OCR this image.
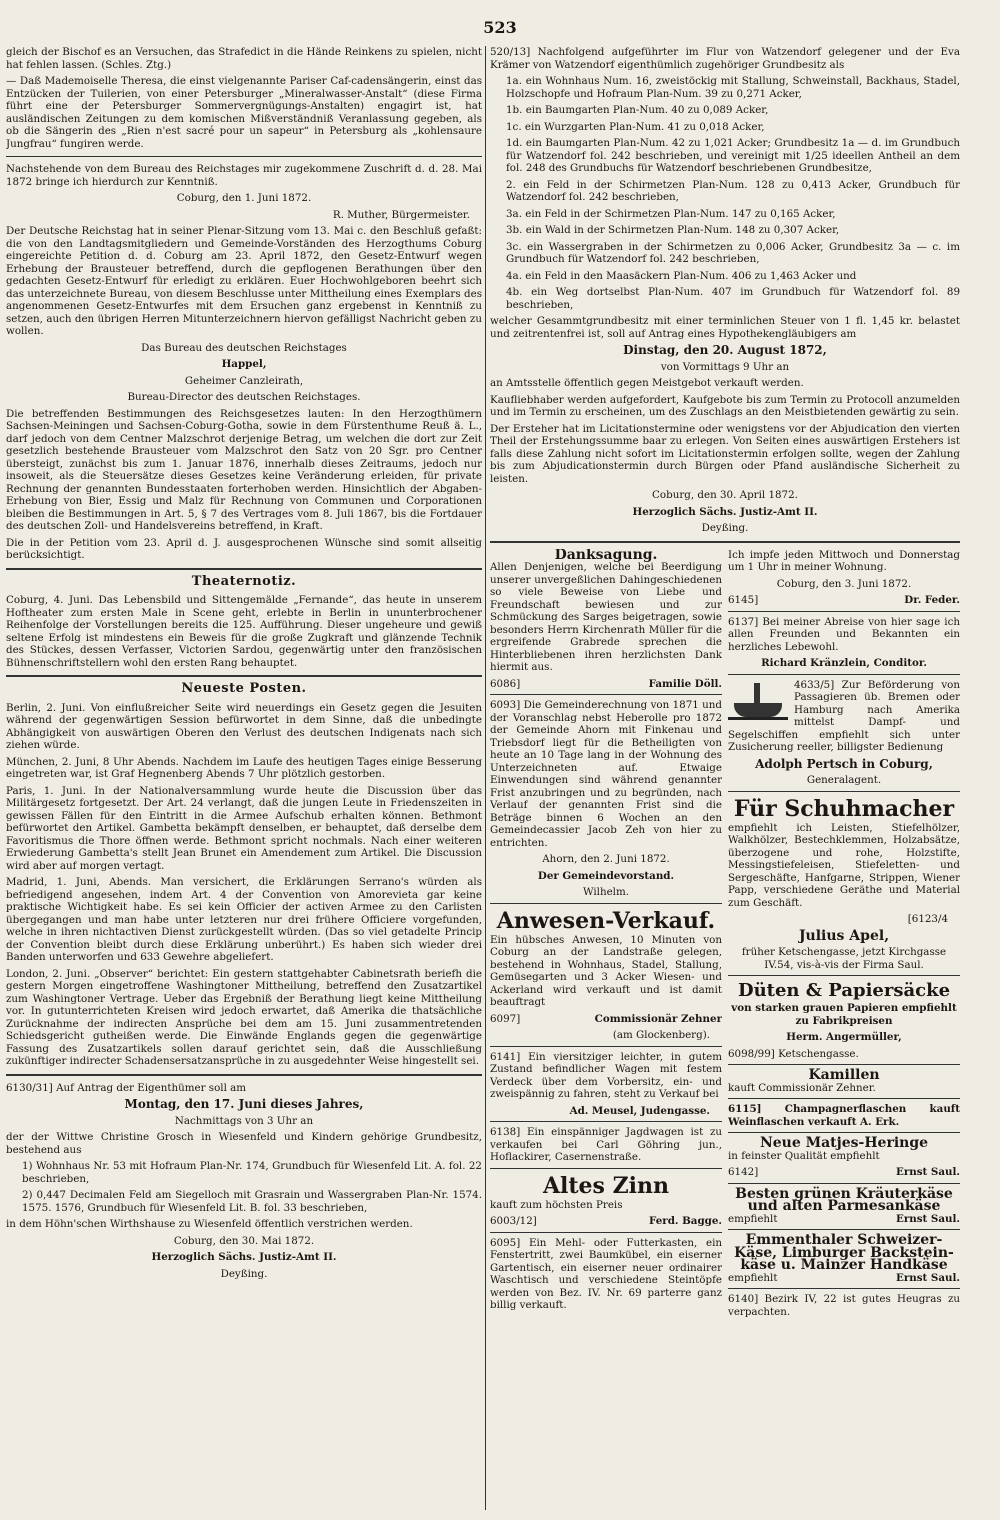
523

gleich der Bischof es an Versuchen, das Strafedict in die Hände Reinkens zu spielen, nicht hat fehlen lassen. (Schles. Ztg.)

— Daß Mademoiselle Theresa, die einst vielgenannte Pariser Caf-cadensängerin, einst das Entzücken der Tuilerien, von einer Petersburger „Mineralwasser-Anstalt“ (diese Firma führt eine der Petersburger Sommervergnügungs-Anstalten) engagirt ist, hat ausländischen Zeitungen zu dem komischen Mißverständniß Veranlassung gegeben, als ob die Sängerin des „Rien n'est sacré pour un sapeur“ in Petersburg als „kohlensaure Jungfrau“ fungiren werde.

Nachstehende von dem Bureau des Reichstages mir zugekommene Zuschrift d. d. 28. Mai 1872 bringe ich hierdurch zur Kenntniß.

Coburg, den 1. Juni 1872.

R. Muther, Bürgermeister.

Der Deutsche Reichstag hat in seiner Plenar-Sitzung vom 13. Mai c. den Beschluß gefaßt: die von den Landtagsmitgliedern und Gemeinde-Vorständen des Herzogthums Coburg eingereichte Petition d. d. Coburg am 23. April 1872, den Gesetz-Entwurf wegen Erhebung der Brausteuer betreffend, durch die gepflogenen Berathungen über den gedachten Gesetz-Entwurf für erledigt zu erklären. Euer Hochwohlgeboren beehrt sich das unterzeichnete Bureau, von diesem Beschlusse unter Mittheilung eines Exemplars des angenommenen Gesetz-Entwurfes mit dem Ersuchen ganz ergebenst in Kenntniß zu setzen, auch den übrigen Herren Mitunterzeichnern hiervon gefälligst Nachricht geben zu wollen.

Das Bureau des deutschen Reichstages

Happel,

Geheimer Canzleirath,

Bureau-Director des deutschen Reichstages.

Die betreffenden Bestimmungen des Reichsgesetzes lauten: In den Herzogthümern Sachsen-Meiningen und Sachsen-Coburg-Gotha, sowie in dem Fürstenthume Reuß ä. L., darf jedoch von dem Centner Malzschrot derjenige Betrag, um welchen die dort zur Zeit gesetzlich bestehende Brausteuer vom Malzschrot den Satz von 20 Sgr. pro Centner übersteigt, zunächst bis zum 1. Januar 1876, innerhalb dieses Zeitraums, jedoch nur insoweit, als die Steuersätze dieses Gesetzes keine Veränderung erleiden, für private Rechnung der genannten Bundesstaaten forterhoben werden. Hinsichtlich der Abgaben-Erhebung von Bier, Essig und Malz für Rechnung von Communen und Corporationen bleiben die Bestimmungen in Art. 5, § 7 des Vertrages vom 8. Juli 1867, bis die Fortdauer des deutschen Zoll- und Handelsvereins betreffend, in Kraft.

Die in der Petition vom 23. April d. J. ausgesprochenen Wünsche sind somit allseitig berücksichtigt.

Theaternotiz.

Coburg, 4. Juni. Das Lebensbild und Sittengemälde „Fernande“, das heute in unserem Hoftheater zum ersten Male in Scene geht, erlebte in Berlin in ununterbrochener Reihenfolge der Vorstellungen bereits die 125. Aufführung. Dieser ungeheure und gewiß seltene Erfolg ist mindestens ein Beweis für die große Zugkraft und glänzende Technik des Stückes, dessen Verfasser, Victorien Sardou, gegenwärtig unter den französischen Bühnenschriftstellern wohl den ersten Rang behauptet.

Neueste Posten.

Berlin, 2. Juni. Von einflußreicher Seite wird neuerdings ein Gesetz gegen die Jesuiten während der gegenwärtigen Session befürwortet in dem Sinne, daß die unbedingte Abhängigkeit von auswärtigen Oberen den Verlust des deutschen Indigenats nach sich ziehen würde.

München, 2. Juni, 8 Uhr Abends. Nachdem im Laufe des heutigen Tages einige Besserung eingetreten war, ist Graf Hegnenberg Abends 7 Uhr plötzlich gestorben.

Paris, 1. Juni. In der Nationalversammlung wurde heute die Discussion über das Militärgesetz fortgesetzt. Der Art. 24 verlangt, daß die jungen Leute in Friedenszeiten in gewissen Fällen für den Eintritt in die Armee Aufschub erhalten können. Bethmont befürwortet den Artikel. Gambetta bekämpft denselben, er behauptet, daß derselbe dem Favoritismus die Thore öffnen werde. Bethmont spricht nochmals. Nach einer weiteren Erwiederung Gambetta's stellt Jean Brunet ein Amendement zum Artikel. Die Discussion wird aber auf morgen vertagt.

Madrid, 1. Juni, Abends. Man versichert, die Erklärungen Serrano's würden als befriedigend angesehen, indem Art. 4 der Convention von Amorevieta gar keine praktische Wichtigkeit habe. Es sei kein Officier der activen Armee zu den Carlisten übergegangen und man habe unter letzteren nur drei frühere Officiere vorgefunden, welche in ihren nichtactiven Dienst zurückgestellt würden. (Das so viel getadelte Princip der Convention bleibt durch diese Erklärung unberührt.) Es haben sich wieder drei Banden unterworfen und 633 Gewehre abgeliefert.

London, 2. Juni. „Observer“ berichtet: Ein gestern stattgehabter Cabinetsrath beriefh die gestern Morgen eingetroffene Washingtoner Mittheilung, betreffend den Zusatzartikel zum Washingtoner Vertrage. Ueber das Ergebniß der Berathung liegt keine Mittheilung vor. In gutunterrichteten Kreisen wird jedoch erwartet, daß Amerika die thatsächliche Zurücknahme der indirecten Ansprüche bei dem am 15. Juni zusammentretenden Schiedsgericht gutheißen werde. Die Einwände Englands gegen die gegenwärtige Fassung des Zusatzartikels sollen darauf gerichtet sein, daß die Ausschließung zukünftiger indirecter Schadensersatzansprüche in zu ausgedehnter Weise hingestellt sei.

6130/31] Auf Antrag der Eigenthümer soll am

Montag, den 17. Juni dieses Jahres,

Nachmittags von 3 Uhr an

der der Wittwe Christine Grosch in Wiesenfeld und Kindern gehörige Grundbesitz, bestehend aus

1) Wohnhaus Nr. 53 mit Hofraum Plan-Nr. 174, Grundbuch für Wiesenfeld Lit. A. fol. 22 beschrieben,

2) 0,447 Decimalen Feld am Siegelloch mit Grasrain und Wassergraben Plan-Nr. 1574. 1575. 1576, Grundbuch für Wiesenfeld Lit. B. fol. 33 beschrieben,

in dem Höhn'schen Wirthshause zu Wiesenfeld öffentlich verstrichen werden.

Coburg, den 30. Mai 1872.

Herzoglich Sächs. Justiz-Amt II.

Deyßing.

520/13] Nachfolgend aufgeführter im Flur von Watzendorf gelegener und der Eva Krämer von Watzendorf eigenthümlich zugehöriger Grundbesitz als

1a. ein Wohnhaus Num. 16, zweistöckig mit Stallung, Schweinstall, Backhaus, Stadel, Holzschopfe und Hofraum Plan-Num. 39 zu 0,271 Acker,

1b. ein Baumgarten Plan-Num. 40 zu 0,089 Acker,

1c. ein Wurzgarten Plan-Num. 41 zu 0,018 Acker,

1d. ein Baumgarten Plan-Num. 42 zu 1,021 Acker; Grundbesitz 1a — d. im Grundbuch für Watzendorf fol. 242 beschrieben, und vereinigt mit 1/25 ideellen Antheil an dem fol. 248 des Grundbuchs für Watzendorf beschriebenen Grundbesitze,

2. ein Feld in der Schirmetzen Plan-Num. 128 zu 0,413 Acker, Grundbuch für Watzendorf fol. 242 beschrieben,

3a. ein Feld in der Schirmetzen Plan-Num. 147 zu 0,165 Acker,

3b. ein Wald in der Schirmetzen Plan-Num. 148 zu 0,307 Acker,

3c. ein Wassergraben in der Schirmetzen zu 0,006 Acker, Grundbesitz 3a — c. im Grundbuch für Watzendorf fol. 242 beschrieben,

4a. ein Feld in den Maasäckern Plan-Num. 406 zu 1,463 Acker und

4b. ein Weg dortselbst Plan-Num. 407 im Grundbuch für Watzendorf fol. 89 beschrieben,

welcher Gesammtgrundbesitz mit einer terminlichen Steuer von 1 fl. 1,45 kr. belastet und zeitrentenfrei ist, soll auf Antrag eines Hypothekengläubigers am

Dinstag, den 20. August 1872,

von Vormittags 9 Uhr an

an Amtsstelle öffentlich gegen Meistgebot verkauft werden.

Kaufliebhaber werden aufgefordert, Kaufgebote bis zum Termin zu Protocoll anzumelden und im Termin zu erscheinen, um des Zuschlags an den Meistbietenden gewärtig zu sein.

Der Ersteher hat im Licitationstermine oder wenigstens vor der Abjudication den vierten Theil der Erstehungssumme baar zu erlegen. Von Seiten eines auswärtigen Erstehers ist falls diese Zahlung nicht sofort im Licitationstermin erfolgen sollte, wegen der Zahlung bis zum Abjudicationstermin durch Bürgen oder Pfand ausländische Sicherheit zu leisten.

Coburg, den 30. April 1872.

Herzoglich Sächs. Justiz-Amt II.

Deyßing.

Danksagung.

Allen Denjenigen, welche bei Beerdigung unserer unvergeßlichen Dahingeschiedenen so viele Beweise von Liebe und Freundschaft bewiesen und zur Schmückung des Sarges beigetragen, sowie besonders Herrn Kirchenrath Müller für die ergreifende Grabrede sprechen die Hinterbliebenen ihren herzlichsten Dank hiermit aus.

6086]	Familie Döll.

6093] Die Gemeinderechnung von 1871 und der Voranschlag nebst Heberolle pro 1872 der Gemeinde Ahorn mit Finkenau und Triebsdorf liegt für die Betheiligten von heute an 10 Tage lang in der Wohnung des Unterzeichneten auf. Etwaige Einwendungen sind während genannter Frist anzubringen und zu begründen, nach Verlauf der genannten Frist sind die Beträge binnen 6 Wochen an den Gemeindecassier Jacob Zeh von hier zu entrichten.

Ahorn, den 2. Juni 1872.

Der Gemeindevorstand.

Wilhelm.

Anwesen-Verkauf.

Ein hübsches Anwesen, 10 Minuten von Coburg an der Landstraße gelegen, bestehend in Wohnhaus, Stadel, Stallung, Gemüsegarten und 3 Acker Wiesen- und Ackerland wird verkauft und ist damit beauftragt

6097]	Commissionär Zehner

(am Glockenberg).

6141] Ein viersitziger leichter, in gutem Zustand befindlicher Wagen mit festem Verdeck über dem Vorbersitz, ein- und zweispännig zu fahren, steht zu Verkauf bei

Ad. Meusel, Judengasse.

6138] Ein einspänniger Jagdwagen ist zu verkaufen bei Carl Göhring jun., Hoflackirer, Casernenstraße.

Altes Zinn

kauft zum höchsten Preis

6003/12]	Ferd. Bagge.

6095] Ein Mehl- oder Futterkasten, ein Fenstertritt, zwei Baumkübel, ein eiserner Gartentisch, ein eiserner neuer ordinairer Waschtisch und verschiedene Steintöpfe werden von Bez. IV. Nr. 69 parterre ganz billig verkauft.

Ich impfe jeden Mittwoch und Donnerstag um 1 Uhr in meiner Wohnung.

Coburg, den 3. Juni 1872.

6145]	Dr. Feder.

6137] Bei meiner Abreise von hier sage ich allen Freunden und Bekannten ein herzliches Lebewohl.

Richard Kränzlein, Conditor.

4633/5] Zur Beförderung von Passagieren üb. Bremen oder Hamburg nach Amerika mittelst Dampf- und Segelschiffen empfiehlt sich unter Zusicherung reeller, billigster Bedienung

Adolph Pertsch in Coburg,

Generalagent.

Für Schuhmacher

empfiehlt ich Leisten, Stiefelhölzer, Walkhölzer, Bestechklemmen, Holzabsätze, überzogene und rohe, Holzstifte, Messingstiefeleisen, Stiefeletten- und Sergeschäfte, Hanfgarne, Strippen, Wiener Papp, verschiedene Geräthe und Material zum Geschäft.

[6123/4

Julius Apel,

früher Ketschengasse, jetzt Kirchgasse IV.54, vis-à-vis der Firma Saul.

Düten & Papiersäcke

von starken grauen Papieren empfiehlt zu Fabrikpreisen

Herm. Angermüller,

6098/99] Ketschengasse.

Kamillen

kauft Commissionär Zehner.

6115] Champagnerflaschen kauft Weinflaschen verkauft A. Erk.

Neue Matjes-Heringe

in feinster Qualität empfiehlt

6142]	Ernst Saul.

Besten grünen Kräuterkäse und alten Parmesankäse

empfiehlt	Ernst Saul.

Emmenthaler Schweizer-Käse, Limburger Backstein-käse u. Mainzer Handkäse

empfiehlt	Ernst Saul.

6140] Bezirk IV, 22 ist gutes Heugras zu verpachten.
